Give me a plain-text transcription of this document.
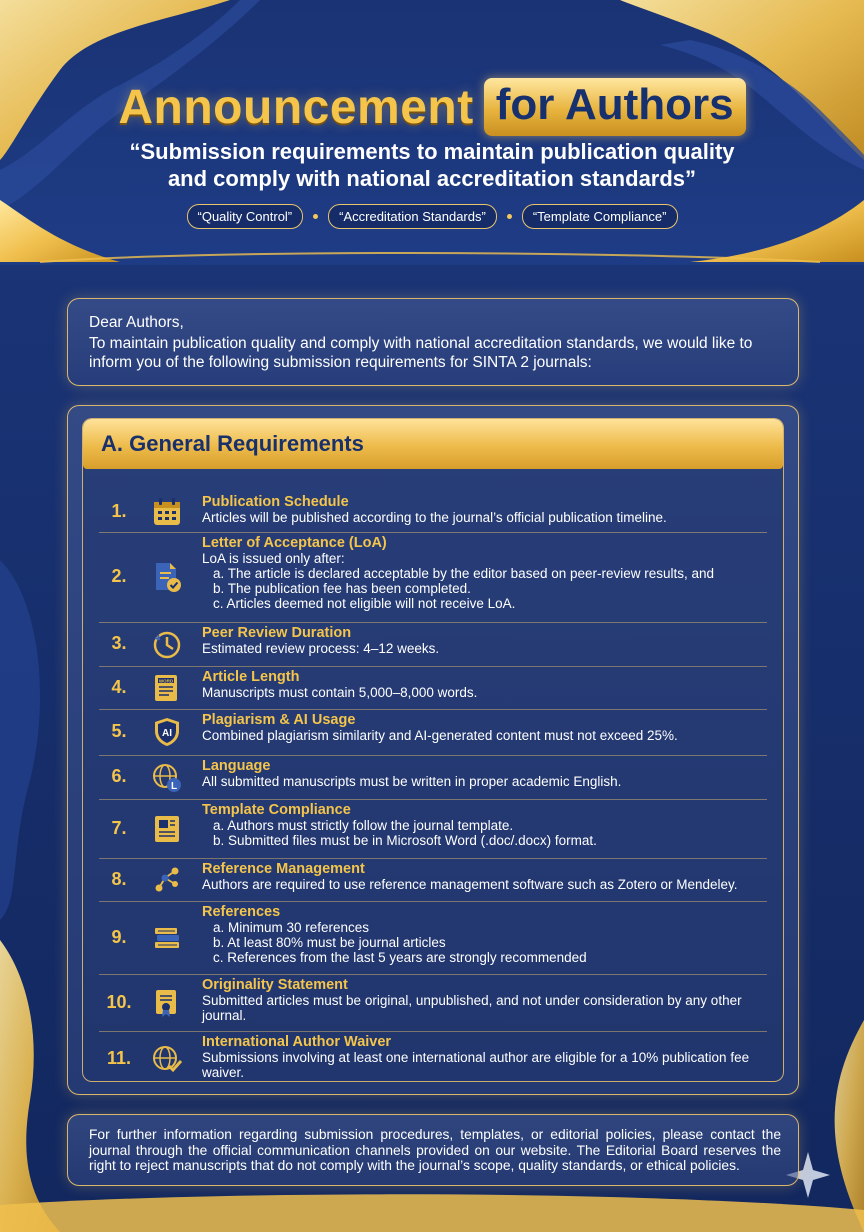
Announcement for Authors
“Submission requirements to maintain publication quality
and comply with national accreditation standards”
“Quality Control”	“Accreditation Standards”	“Template Compliance”

Dear Authors,

To maintain publication quality and comply with national accreditation standards, we would like to inform you of the following submission requirements for SINTA 2 journals:

A. General Requirements
1.	Publication Schedule
Articles will be published according to the journal’s official publication timeline.
2.
Letter of Acceptance (LoA)
LoA is issued only after:
a. The article is declared acceptable by the editor based on peer-review results, and
b. The publication fee has been completed.
c. Articles deemed not eligible will not receive LoA.
3.	Peer Review Duration
Estimated review process: 4–12 weeks.
4.	WORD Article Length
Manuscripts must contain 5,000–8,000 words.
5.	AI
Plagiarism & AI Usage
Combined plagiarism similarity and AI-generated content must not exceed 25%.
6.
L
Language
All submitted manuscripts must be written in proper academic English.
7.
Template Compliance
a. Authors must strictly follow the journal template.
b. Submitted files must be in Microsoft Word (.doc/.docx) format.
8.	Reference Management
Authors are required to use reference management software such as Zotero or Mendeley.
9.
References
a. Minimum 30 references
b. At least 80% must be journal articles
c. References from the last 5 years are strongly recommended
10.
Originality Statement
Submitted articles must be original, unpublished, and not under consideration by any other journal.
11.
International Author Waiver
Submissions involving at least one international author are eligible for a 10% publication fee waiver.

For further information regarding submission procedures, templates, or editorial policies, please contact the journal through the official communication channels provided on our website. The Editorial Board reserves the right to reject manuscripts that do not comply with the journal’s scope, quality standards, or ethical policies.
